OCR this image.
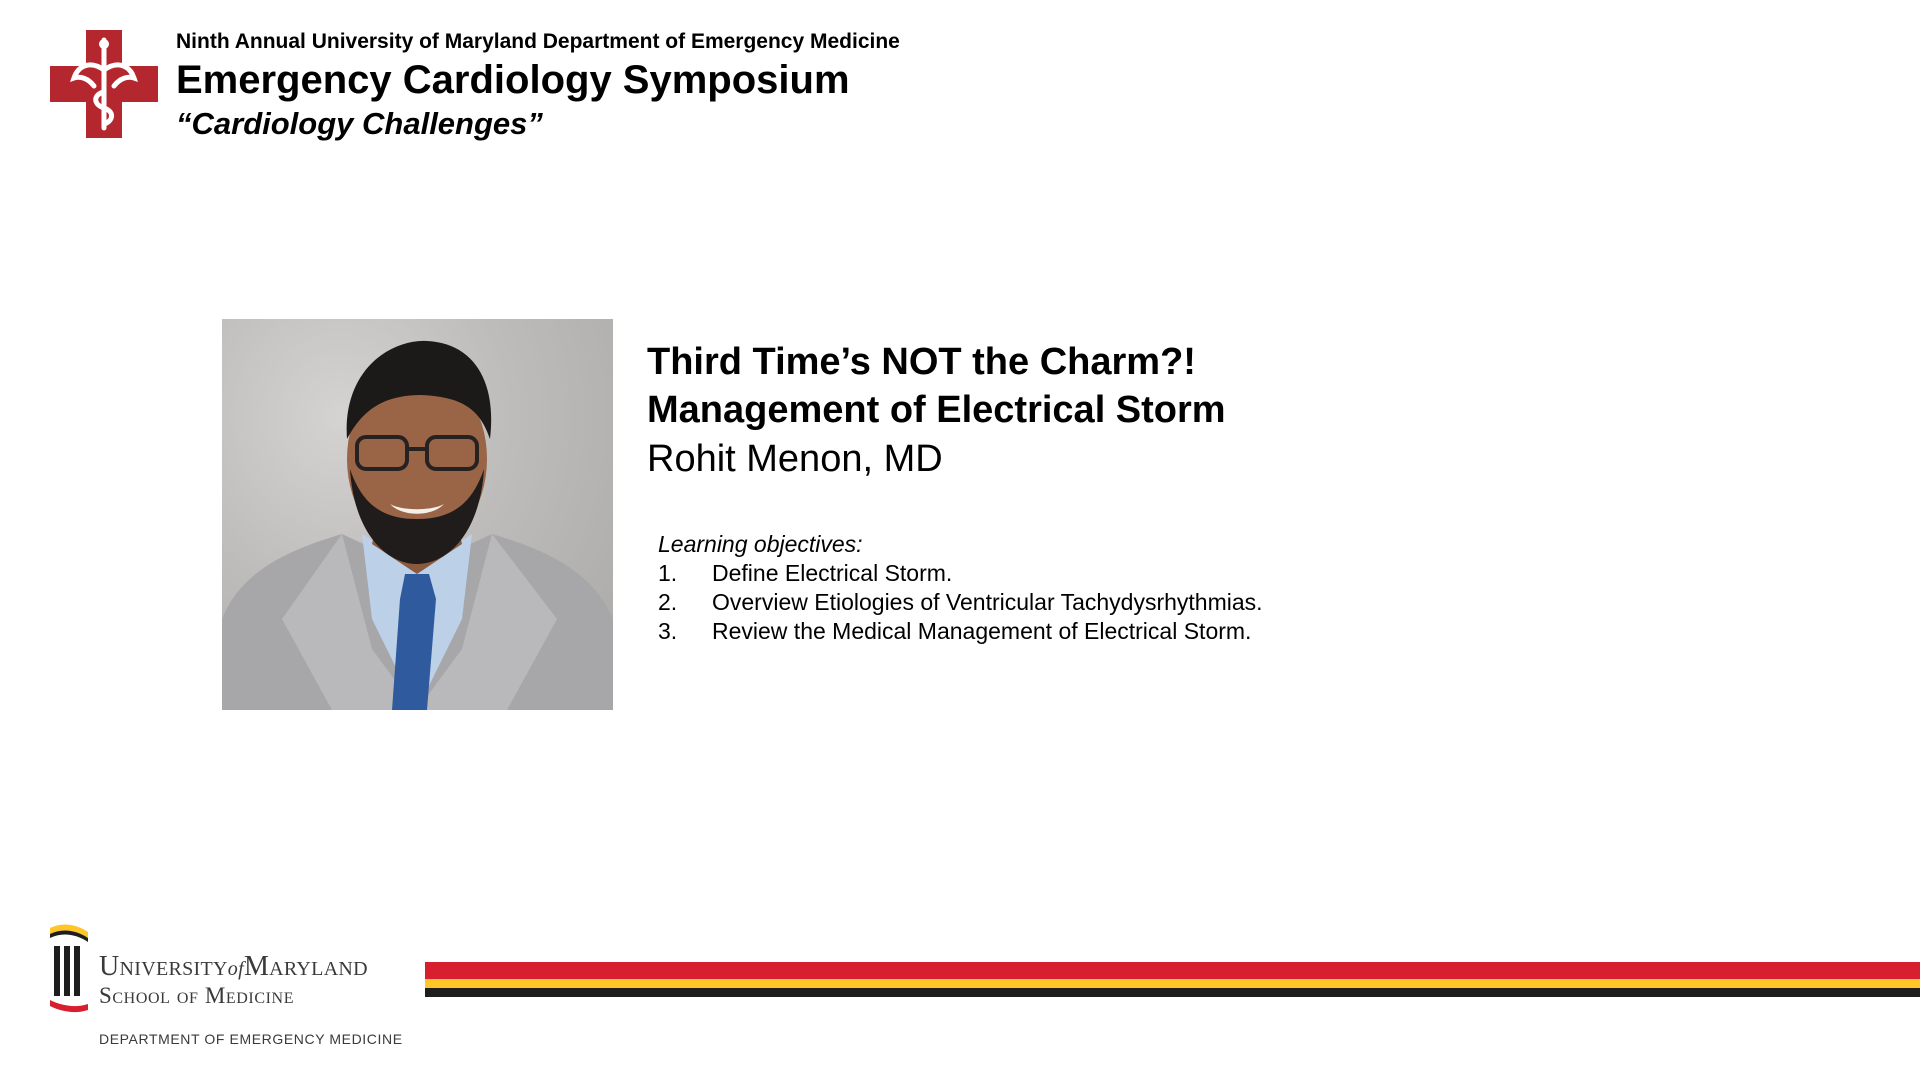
Ninth Annual University of Maryland Department of Emergency Medicine
Emergency Cardiology Symposium
“Cardiology Challenges”
Third Time’s NOT the Charm?!
Management of Electrical Storm
Rohit Menon, MD
Learning objectives:
1.	Define Electrical Storm.
2.	Overview Etiologies of Ventricular Tachydysrhythmias.
3.	Review the Medical Management of Electrical Storm.
UniversityofMaryland
School of Medicine
DEPARTMENT OF EMERGENCY MEDICINE
